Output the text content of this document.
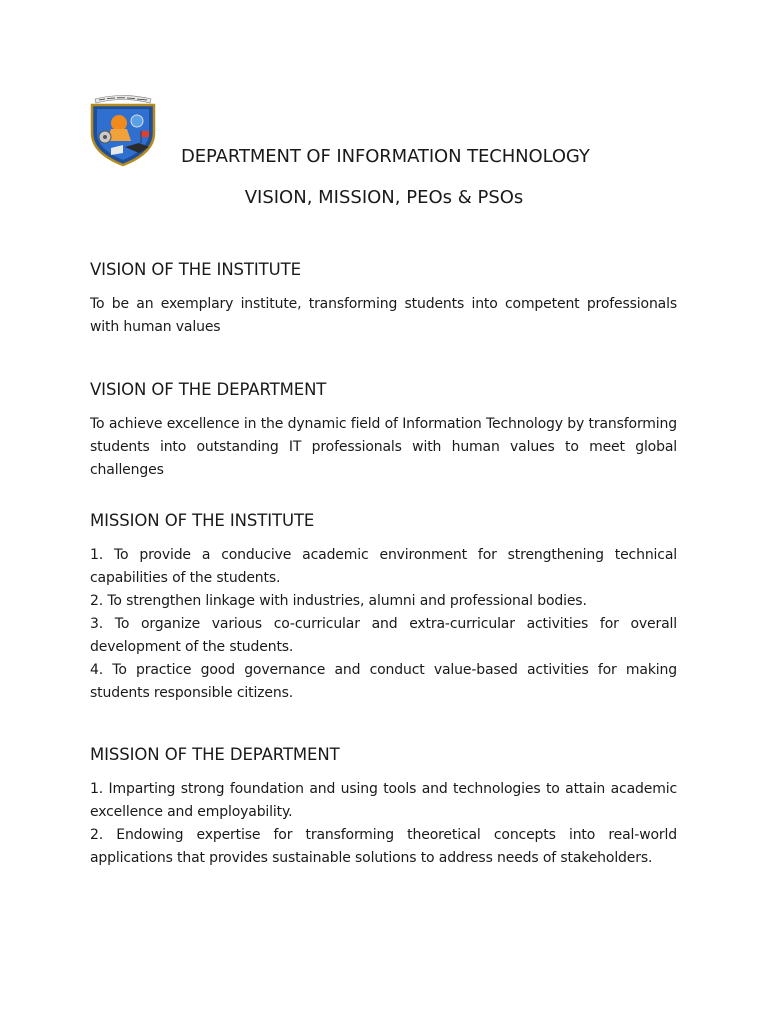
DEPARTMENT OF INFORMATION TECHNOLOGY
VISION, MISSION, PEOs & PSOs
VISION OF THE INSTITUTE

To be an exemplary institute, transforming students into competent professionals with human values

VISION OF THE DEPARTMENT

To achieve excellence in the dynamic field of Information Technology by transforming students into outstanding IT professionals with human values to meet global challenges

MISSION OF THE INSTITUTE

1. To provide a conducive academic environment for strengthening technical capabilities of the students.

2. To strengthen linkage with industries, alumni and professional bodies.

3. To organize various co-curricular and extra-curricular activities for overall development of the students.

4. To practice good governance and conduct value-based activities for making students responsible citizens.

MISSION OF THE DEPARTMENT

1. Imparting strong foundation and using tools and technologies to attain academic excellence and employability.

2. Endowing expertise for transforming theoretical concepts into real-world applications that provides sustainable solutions to address needs of stakeholders.
